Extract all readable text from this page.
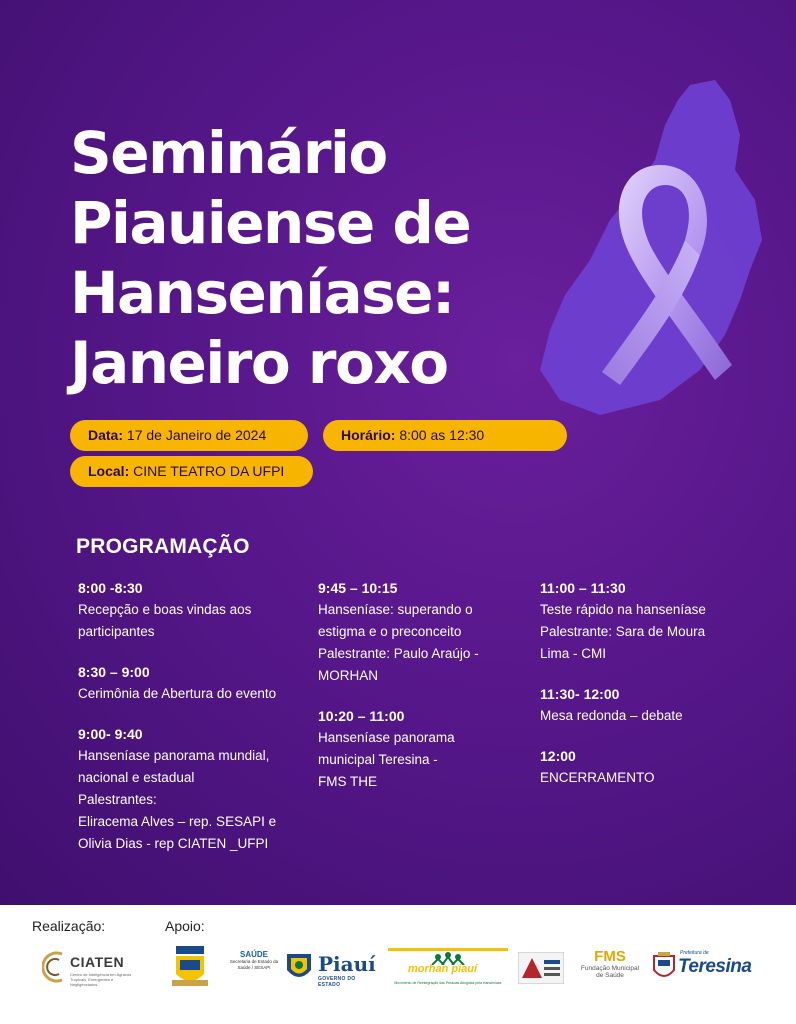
Seminário
Piauiense de
Hanseníase:
Janeiro roxo
Data: 17 de Janeiro de 2024	Horário: 8:00 as 12:30
Local: CINE TEATRO DA UFPI
PROGRAMAÇÃO
8:00 -8:30
Recepção e boas vindas aos
participantes
8:30 – 9:00
Cerimônia de Abertura do evento
9:00- 9:40
Hanseníase panorama mundial,
nacional e estadual
Palestrantes:
Eliracema Alves – rep. SESAPI e
Olivia Dias - rep CIATEN _UFPI
9:45 – 10:15
Hanseníase: superando o
estigma e o preconceito
Palestrante: Paulo Araújo -
MORHAN
10:20 – 11:00
Hanseníase panorama
municipal Teresina -
FMS THE
11:00 – 11:30
Teste rápido na hanseníase
Palestrante: Sara de Moura
Lima - CMI
11:30- 12:00
Mesa redonda – debate
12:00
ENCERRAMENTO
Realização:	Apoio:
CIATEN
Centro de Inteligência em Agravos Tropicais, Emergentes e Negligenciados
SAÚDE
Secretaria de Estado da Saúde / SESAPI	Piauí
GOVERNO DO ESTADO
morhan piauí
Movimento de Reintegração das Pessoas Atingidas pela Hanseníase
FMS
Fundação Municipal
de Saúde
Prefeitura de
Teresina
